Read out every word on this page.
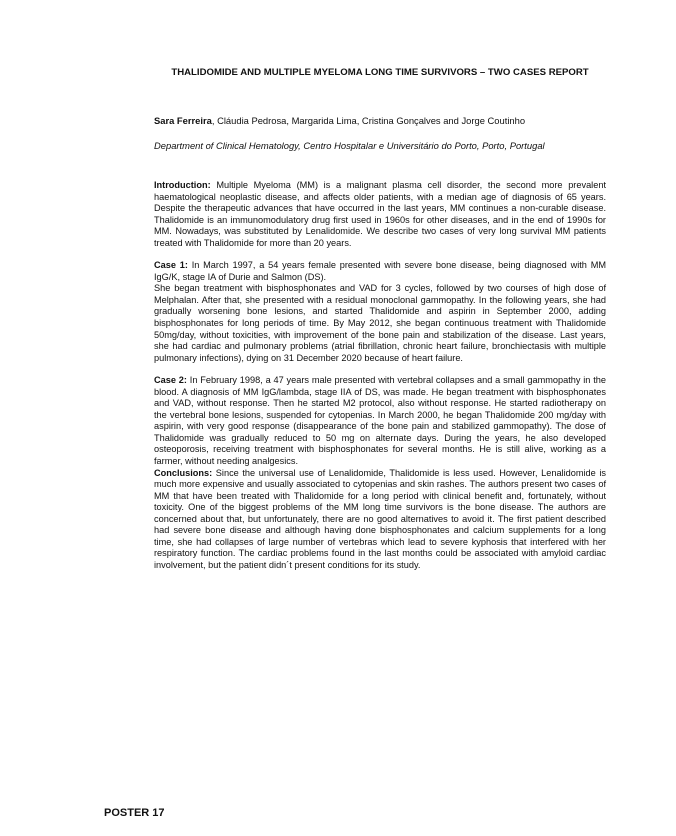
THALIDOMIDE AND MULTIPLE MYELOMA LONG TIME SURVIVORS – TWO CASES REPORT
Sara Ferreira, Cláudia Pedrosa, Margarida Lima, Cristina Gonçalves and Jorge Coutinho
Department of Clinical Hematology, Centro Hospitalar e Universitário do Porto, Porto, Portugal

Introduction: Multiple Myeloma (MM) is a malignant plasma cell disorder, the second more prevalent haematological neoplastic disease, and affects older patients, with a median age of diagnosis of 65 years. Despite the therapeutic advances that have occurred in the last years, MM continues a non-curable disease. Thalidomide is an immunomodulatory drug first used in 1960s for other diseases, and in the end of 1990s for MM. Nowadays, was substituted by Lenalidomide. We describe two cases of very long survival MM patients treated with Thalidomide for more than 20 years.

Case 1: In March 1997, a 54 years female presented with severe bone disease, being diagnosed with MM IgG/K, stage IA of Durie and Salmon (DS).

She began treatment with bisphosphonates and VAD for 3 cycles, followed by two courses of high dose of Melphalan. After that, she presented with a residual monoclonal gammopathy. In the following years, she had gradually worsening bone lesions, and started Thalidomide and aspirin in September 2000, adding bisphosphonates for long periods of time. By May 2012, she began continuous treatment with Thalidomide 50mg/day, without toxicities, with improvement of the bone pain and stabilization of the disease. Last years, she had cardiac and pulmonary problems (atrial fibrillation, chronic heart failure, bronchiectasis with multiple pulmonary infections), dying on 31 December 2020 because of heart failure.

Case 2: In February 1998, a 47 years male presented with vertebral collapses and a small gammopathy in the blood. A diagnosis of MM IgG/lambda, stage IIA of DS, was made. He began treatment with bisphosphonates and VAD, without response. Then he started M2 protocol, also without response. He started radiotherapy on the vertebral bone lesions, suspended for cytopenias. In March 2000, he began Thalidomide 200 mg/day with aspirin, with very good response (disappearance of the bone pain and stabilized gammopathy). The dose of Thalidomide was gradually reduced to 50 mg on alternate days. During the years, he also developed osteoporosis, receiving treatment with bisphosphonates for several months. He is still alive, working as a farmer, without needing analgesics.

Conclusions: Since the universal use of Lenalidomide, Thalidomide is less used. However, Lenalidomide is much more expensive and usually associated to cytopenias and skin rashes. The authors present two cases of MM that have been treated with Thalidomide for a long period with clinical benefit and, fortunately, without toxicity. One of the biggest problems of the MM long time survivors is the bone disease. The authors are concerned about that, but unfortunately, there are no good alternatives to avoid it. The first patient described had severe bone disease and although having done bisphosphonates and calcium supplements for a long time, she had collapses of large number of vertebras which lead to severe kyphosis that interfered with her respiratory function. The cardiac problems found in the last months could be associated with amyloid cardiac involvement, but the patient didn´t present conditions for its study.

POSTER 17
